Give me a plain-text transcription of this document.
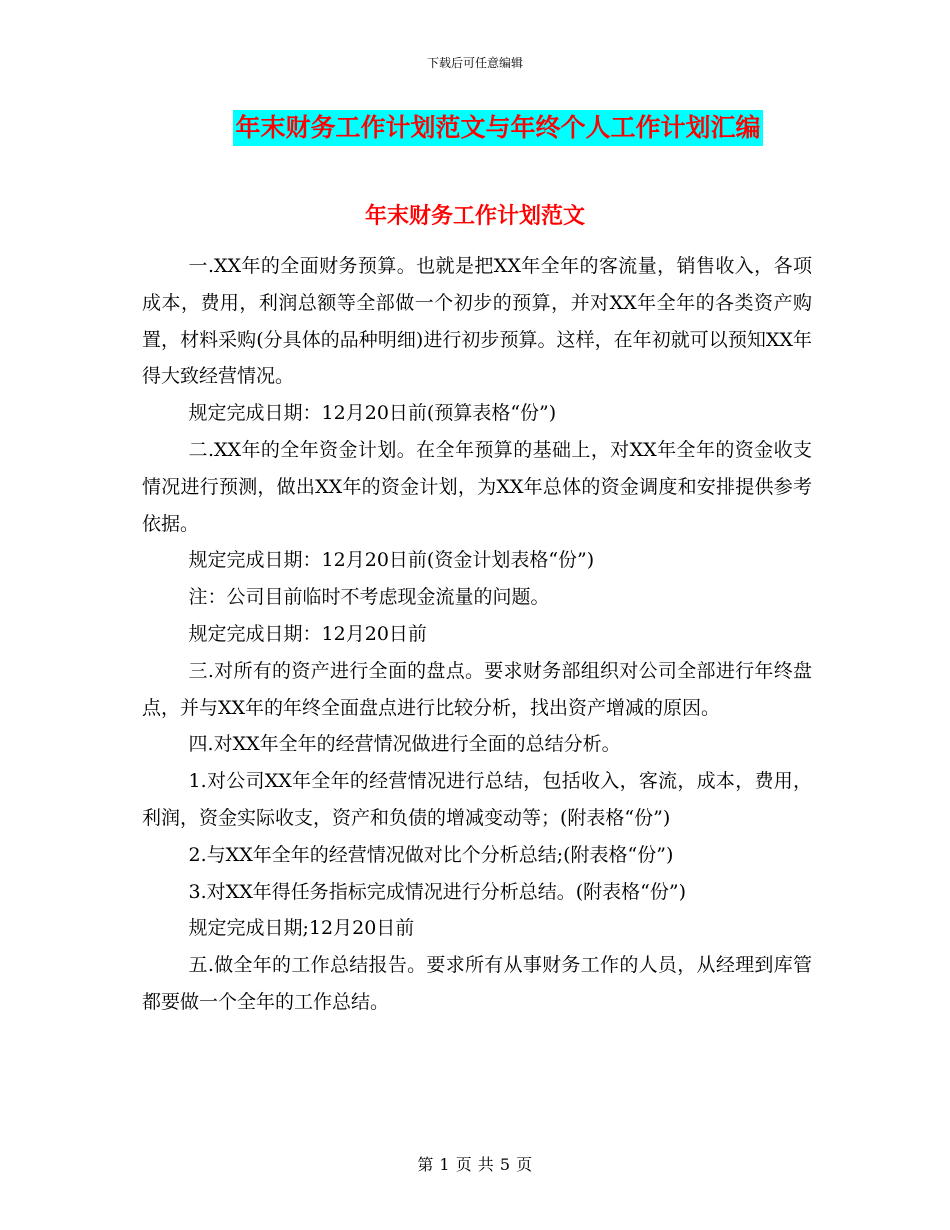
下载后可任意编辑
年末财务工作计划范文与年终个人工作计划汇编
年末财务工作计划范文

一.XX年的全面财务预算。也就是把XX年全年的客流量，销售收入，各项成本，费用，利润总额等全部做一个初步的预算，并对XX年全年的各类资产购置，材料采购(分具体的品种明细)进行初步预算。这样，在年初就可以预知XX年得大致经营情况。

规定完成日期：12月20日前(预算表格“份”)

二.XX年的全年资金计划。在全年预算的基础上，对XX年全年的资金收支情况进行预测，做出XX年的资金计划，为XX年总体的资金调度和安排提供参考依据。

规定完成日期：12月20日前(资金计划表格“份”)

注：公司目前临时不考虑现金流量的问题。

规定完成日期：12月20日前

三.对所有的资产进行全面的盘点。要求财务部组织对公司全部进行年终盘点，并与XX年的年终全面盘点进行比较分析，找出资产增减的原因。

四.对XX年全年的经营情况做进行全面的总结分析。

1.对公司XX年全年的经营情况进行总结，包括收入，客流，成本，费用，利润，资金实际收支，资产和负债的增减变动等；(附表格“份”)

2.与XX年全年的经营情况做对比个分析总结;(附表格“份”)

3.对XX年得任务指标完成情况进行分析总结。(附表格“份”)

规定完成日期;12月20日前

五.做全年的工作总结报告。要求所有从事财务工作的人员，从经理到库管都要做一个全年的工作总结。

第 1 页 共 5 页
